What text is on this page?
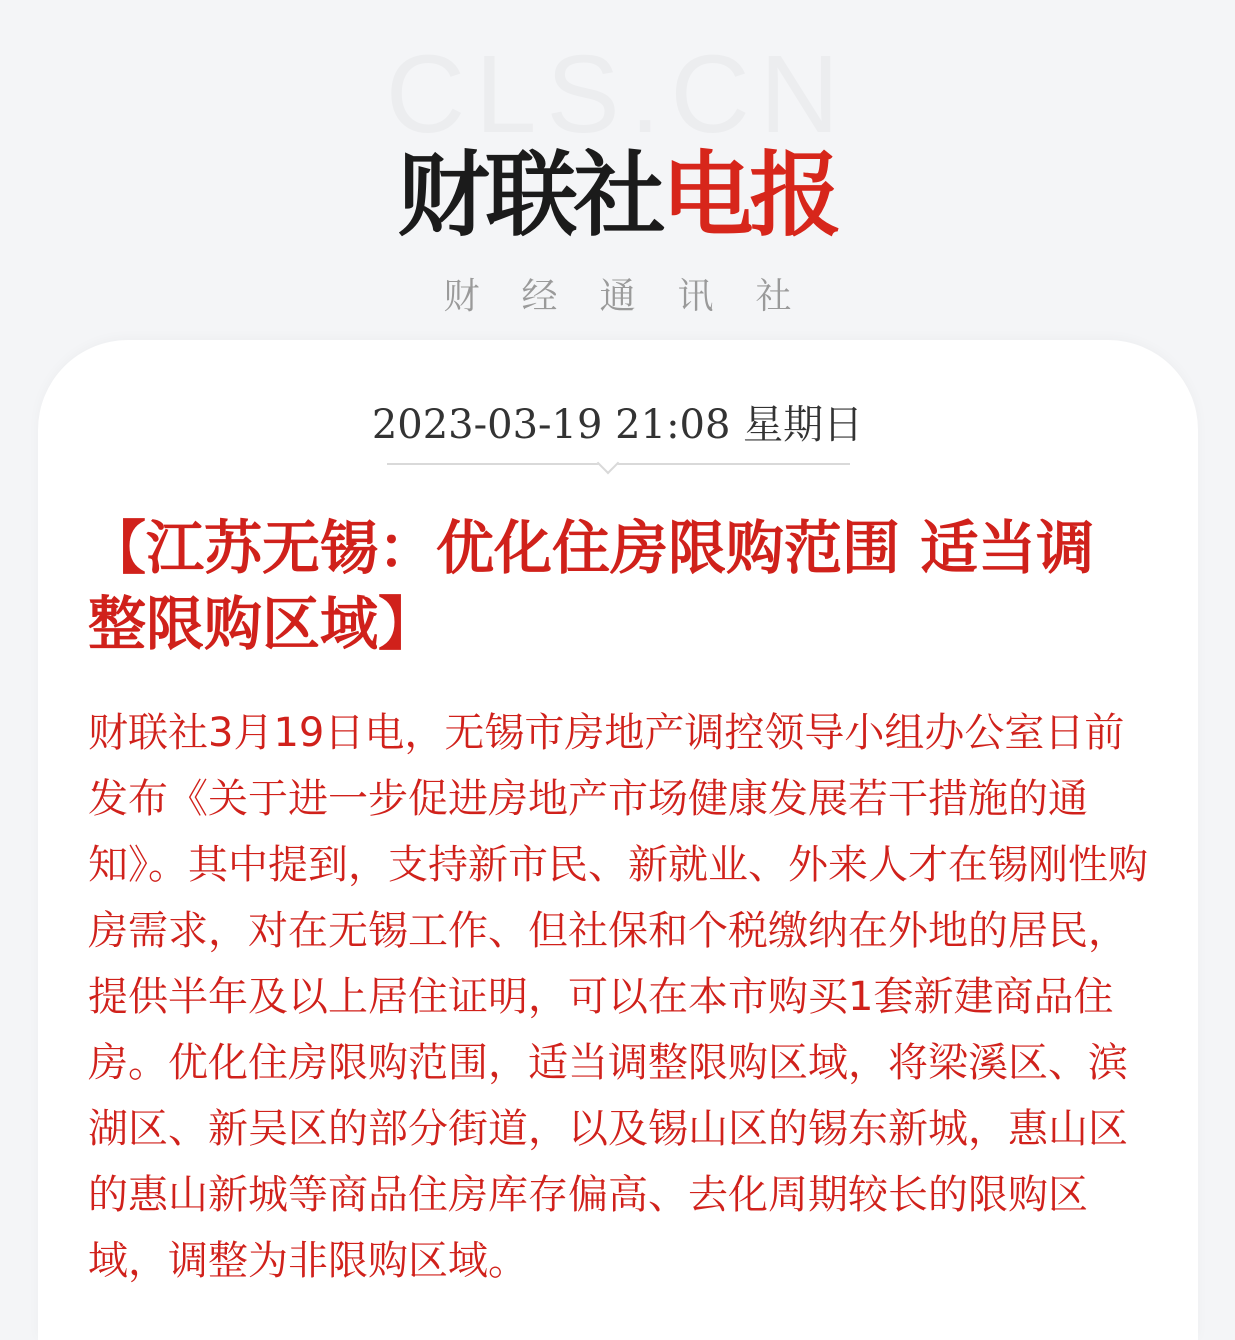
CLS.CN
财联社电报
财经通讯社
2023-03-19 21:08 星期日
【江苏无锡：优化住房限购范围 适当调整限购区域】
财联社3月19日电，无锡市房地产调控领导小组办公室日前发布《关于进一步促进房地产市场健康发展若干措施的通知》。其中提到，支持新市民、新就业、外来人才在锡刚性购房需求，对在无锡工作、但社保和个税缴纳在外地的居民，提供半年及以上居住证明，可以在本市购买1套新建商品住房。优化住房限购范围，适当调整限购区域，将梁溪区、滨湖区、新吴区的部分街道，以及锡山区的锡东新城，惠山区的惠山新城等商品住房库存偏高、去化周期较长的限购区域，调整为非限购区域。
